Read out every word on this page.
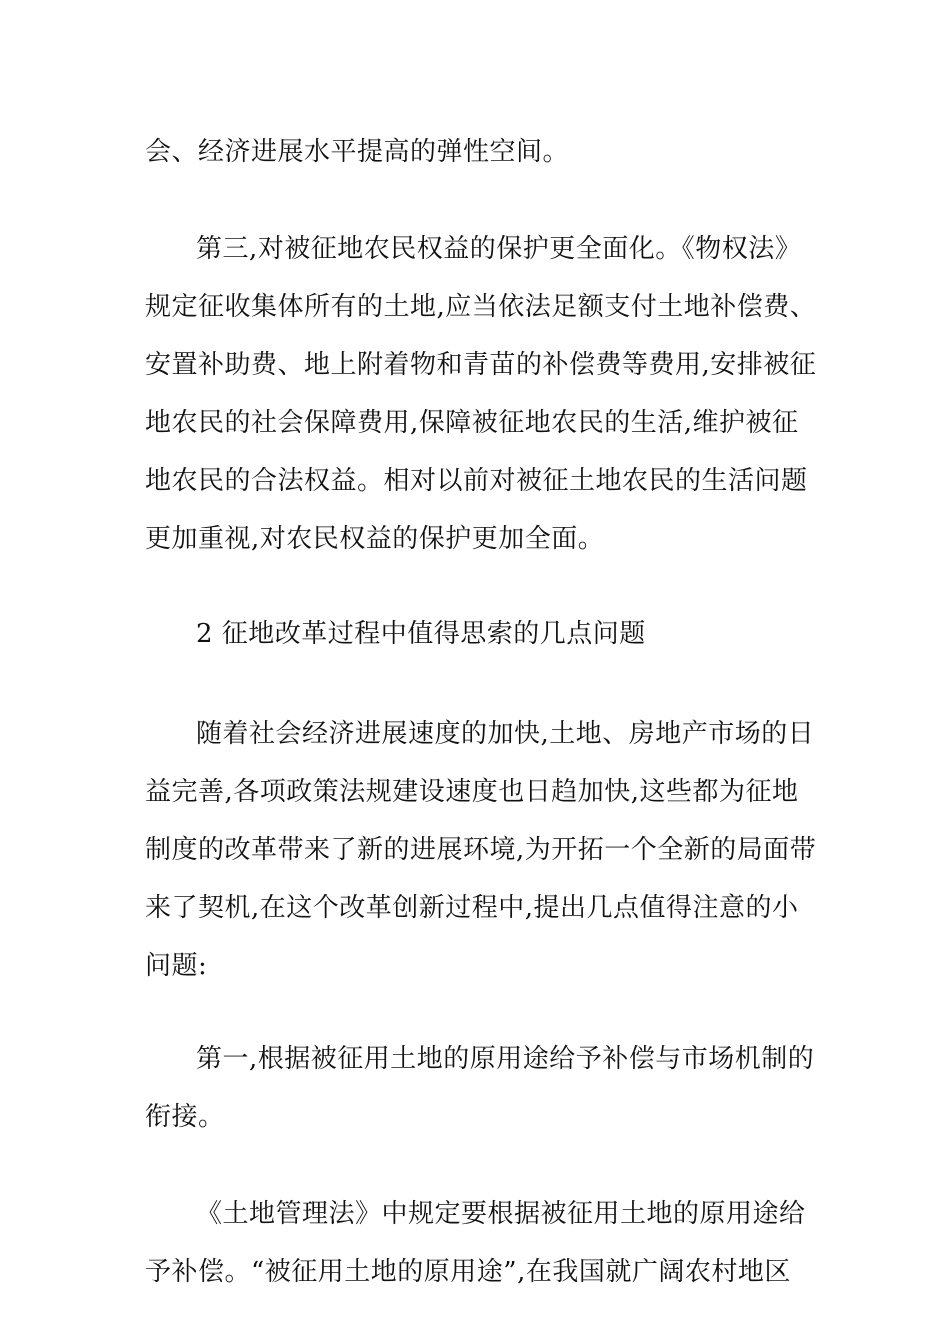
会、经济进展水平提高的弹性空间。
第三,对被征地农民权益的保护更全面化。《物权法》
规定征收集体所有的土地,应当依法足额支付土地补偿费、
安置补助费、地上附着物和青苗的补偿费等费用,安排被征
地农民的社会保障费用,保障被征地农民的生活,维护被征
地农民的合法权益。相对以前对被征土地农民的生活问题
更加重视,对农民权益的保护更加全面。
2 征地改革过程中值得思索的几点问题
随着社会经济进展速度的加快,土地、房地产市场的日
益完善,各项政策法规建设速度也日趋加快,这些都为征地
制度的改革带来了新的进展环境,为开拓一个全新的局面带
来了契机,在这个改革创新过程中,提出几点值得注意的小
问题:
第一,根据被征用土地的原用途给予补偿与市场机制的
衔接。
《土地管理法》中规定要根据被征用土地的原用途给
予补偿。“被征用土地的原用途”,在我国就广阔农村地区
